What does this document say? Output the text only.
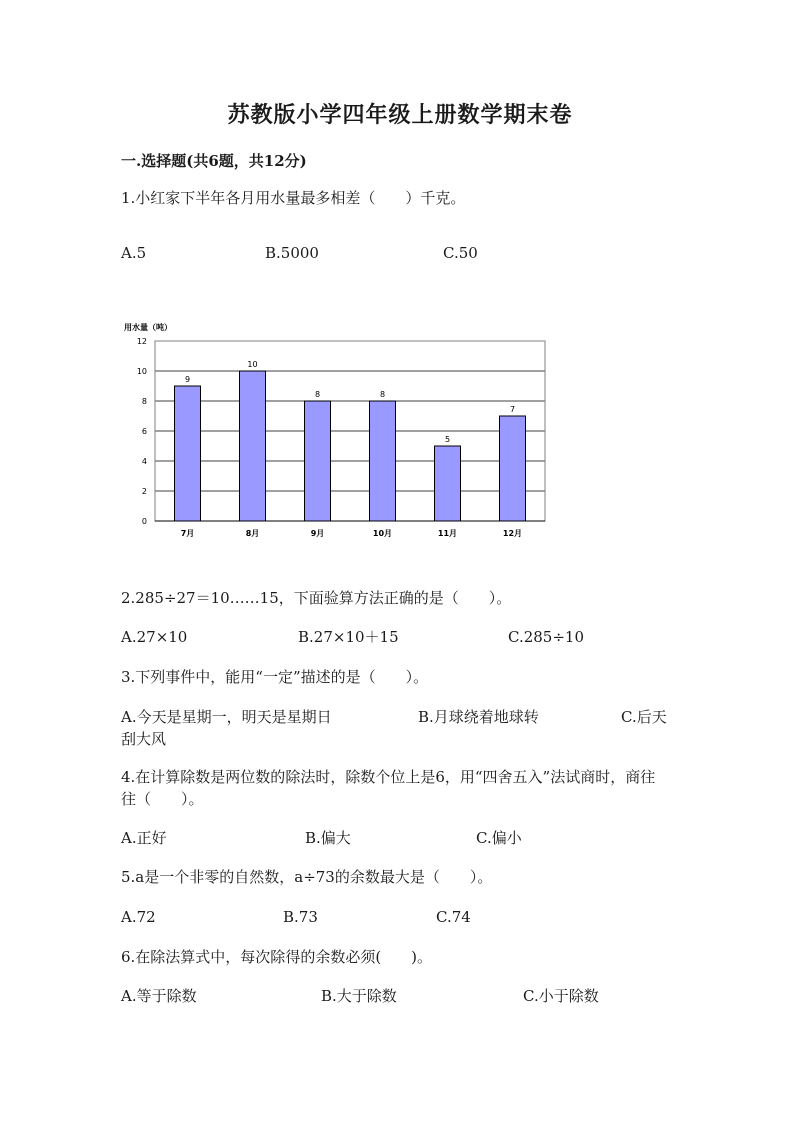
苏教版小学四年级上册数学期末卷
一.选择题(共6题，共12分)
1.小红家下半年各月用水量最多相差（　　）千克。
A.5	B.5000	C.50
用水量（吨）
0
2
4
6
8
10
12
9
7月
10
8月
8
9月
8
10月
5
11月
7
12月
2.285÷27＝10……15，下面验算方法正确的是（　　）。
A.27×10	B.27×10＋15	C.285÷10
3.下列事件中，能用“一定”描述的是（　　）。
A.今天是星期一，明天是星期日	B.月球绕着地球转	C.后天刮大风
4.在计算除数是两位数的除法时，除数个位上是6，用“四舍五入”法试商时，商往往（　　）。
A.正好	B.偏大	C.偏小
5.a是一个非零的自然数，a÷73的余数最大是（　　）。
A.72	B.73	C.74
6.在除法算式中，每次除得的余数必须(　　)。
A.等于除数	B.大于除数	C.小于除数
